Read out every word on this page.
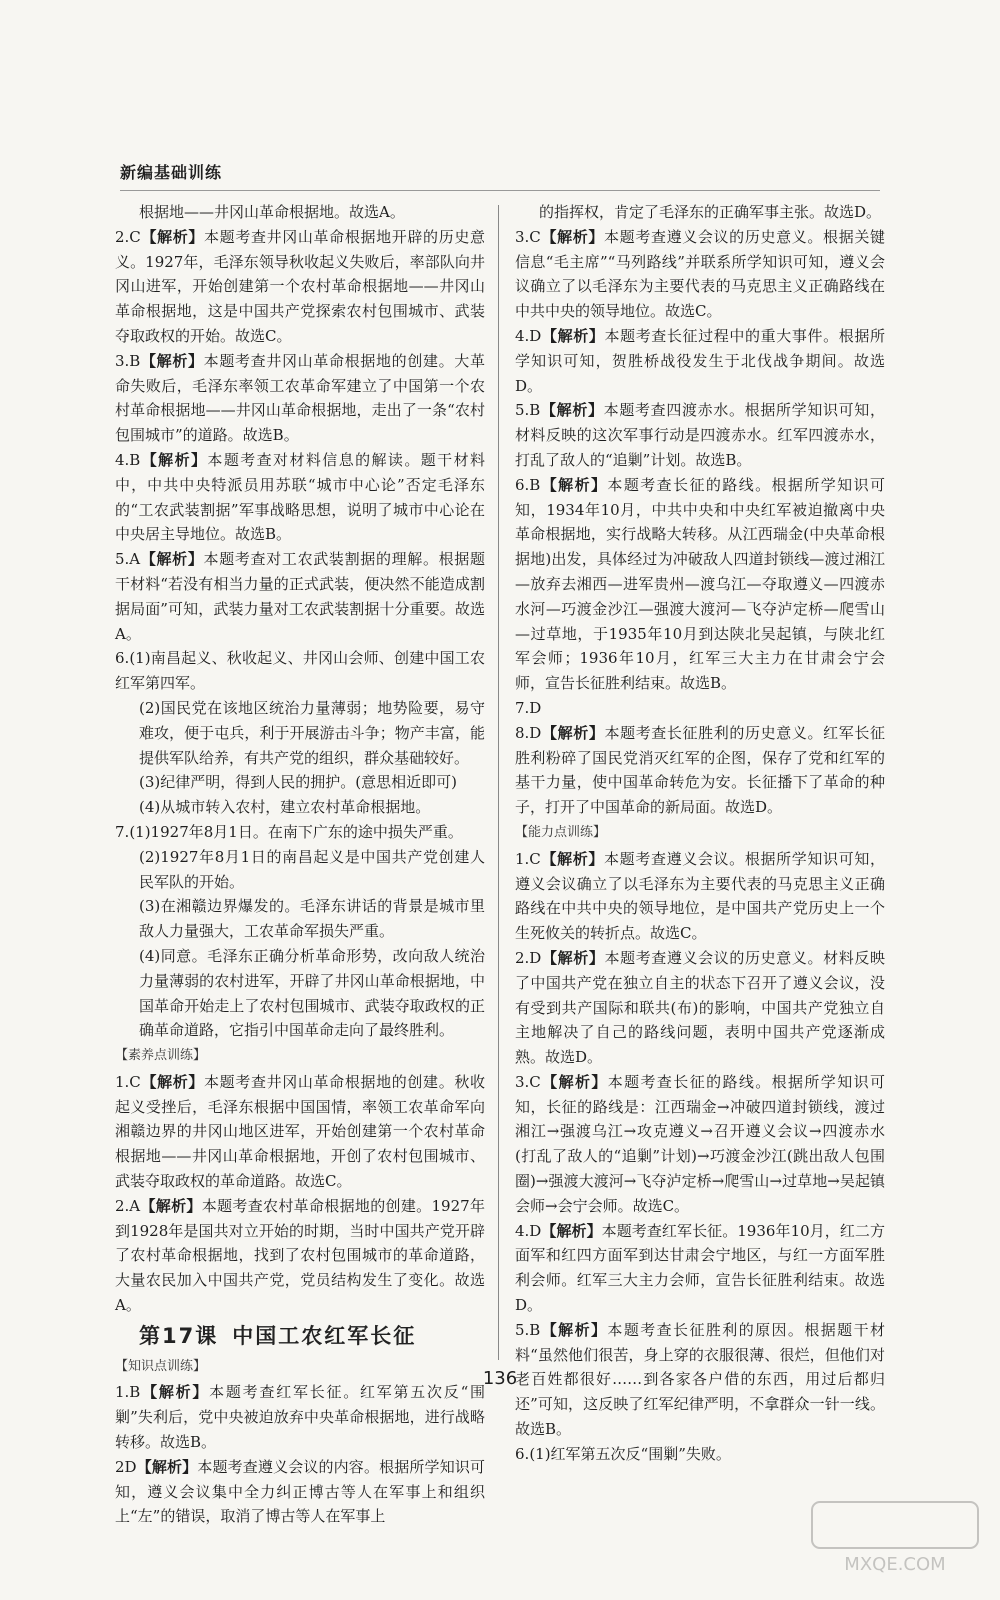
新编基础训练

根据地——井冈山革命根据地。故选A。

2.C【解析】本题考查井冈山革命根据地开辟的历史意义。1927年，毛泽东领导秋收起义失败后，率部队向井冈山进军，开始创建第一个农村革命根据地——井冈山革命根据地，这是中国共产党探索农村包围城市、武装夺取政权的开始。故选C。

3.B【解析】本题考查井冈山革命根据地的创建。大革命失败后，毛泽东率领工农革命军建立了中国第一个农村革命根据地——井冈山革命根据地，走出了一条“农村包围城市”的道路。故选B。

4.B【解析】本题考查对材料信息的解读。题干材料中，中共中央特派员用苏联“城市中心论”否定毛泽东的“工农武装割据”军事战略思想，说明了城市中心论在中央居主导地位。故选B。

5.A【解析】本题考查对工农武装割据的理解。根据题干材料“若没有相当力量的正式武装，便决然不能造成割据局面”可知，武装力量对工农武装割据十分重要。故选A。

6.(1)南昌起义、秋收起义、井冈山会师、创建中国工农红军第四军。

(2)国民党在该地区统治力量薄弱；地势险要，易守难攻，便于屯兵，利于开展游击斗争；物产丰富，能提供军队给养，有共产党的组织，群众基础较好。

(3)纪律严明，得到人民的拥护。(意思相近即可)

(4)从城市转入农村，建立农村革命根据地。

7.(1)1927年8月1日。在南下广东的途中损失严重。

(2)1927年8月1日的南昌起义是中国共产党创建人民军队的开始。

(3)在湘赣边界爆发的。毛泽东讲话的背景是城市里敌人力量强大，工农革命军损失严重。

(4)同意。毛泽东正确分析革命形势，改向敌人统治力量薄弱的农村进军，开辟了井冈山革命根据地，中国革命开始走上了农村包围城市、武装夺取政权的正确革命道路，它指引中国革命走向了最终胜利。

【素养点训练】

1.C【解析】本题考查井冈山革命根据地的创建。秋收起义受挫后，毛泽东根据中国国情，率领工农革命军向湘赣边界的井冈山地区进军，开始创建第一个农村革命根据地——井冈山革命根据地，开创了农村包围城市、武装夺取政权的革命道路。故选C。

2.A【解析】本题考查农村革命根据地的创建。1927年到1928年是国共对立开始的时期，当时中国共产党开辟了农村革命根据地，找到了农村包围城市的革命道路，大量农民加入中国共产党，党员结构发生了变化。故选A。

第17课 中国工农红军长征
【知识点训练】

1.B【解析】本题考查红军长征。红军第五次反“围剿”失利后，党中央被迫放弃中央革命根据地，进行战略转移。故选B。

2D【解析】本题考查遵义会议的内容。根据所学知识可知，遵义会议集中全力纠正博古等人在军事上和组织上“左”的错误，取消了博古等人在军事上

的指挥权，肯定了毛泽东的正确军事主张。故选D。

3.C【解析】本题考查遵义会议的历史意义。根据关键信息“毛主席”“马列路线”并联系所学知识可知，遵义会议确立了以毛泽东为主要代表的马克思主义正确路线在中共中央的领导地位。故选C。

4.D【解析】本题考查长征过程中的重大事件。根据所学知识可知，贺胜桥战役发生于北伐战争期间。故选D。

5.B【解析】本题考查四渡赤水。根据所学知识可知，材料反映的这次军事行动是四渡赤水。红军四渡赤水，打乱了敌人的“追剿”计划。故选B。

6.B【解析】本题考查长征的路线。根据所学知识可知，1934年10月，中共中央和中央红军被迫撤离中央革命根据地，实行战略大转移。从江西瑞金(中央革命根据地)出发，具体经过为冲破敌人四道封锁线—渡过湘江—放弃去湘西—进军贵州—渡乌江—夺取遵义—四渡赤水河—巧渡金沙江—强渡大渡河—飞夺泸定桥—爬雪山—过草地，于1935年10月到达陕北吴起镇，与陕北红军会师；1936年10月，红军三大主力在甘肃会宁会师，宣告长征胜利结束。故选B。

7.D

8.D【解析】本题考查长征胜利的历史意义。红军长征胜利粉碎了国民党消灭红军的企图，保存了党和红军的基干力量，使中国革命转危为安。长征播下了革命的种子，打开了中国革命的新局面。故选D。

【能力点训练】

1.C【解析】本题考查遵义会议。根据所学知识可知，遵义会议确立了以毛泽东为主要代表的马克思主义正确路线在中共中央的领导地位，是中国共产党历史上一个生死攸关的转折点。故选C。

2.D【解析】本题考查遵义会议的历史意义。材料反映了中国共产党在独立自主的状态下召开了遵义会议，没有受到共产国际和联共(布)的影响，中国共产党独立自主地解决了自己的路线问题，表明中国共产党逐渐成熟。故选D。

3.C【解析】本题考查长征的路线。根据所学知识可知，长征的路线是：江西瑞金→冲破四道封锁线，渡过湘江→强渡乌江→攻克遵义→召开遵义会议→四渡赤水(打乱了敌人的“追剿”计划)→巧渡金沙江(跳出敌人包围圈)→强渡大渡河→飞夺泸定桥→爬雪山→过草地→吴起镇会师→会宁会师。故选C。

4.D【解析】本题考查红军长征。1936年10月，红二方面军和红四方面军到达甘肃会宁地区，与红一方面军胜利会师。红军三大主力会师，宣告长征胜利结束。故选D。

5.B【解析】本题考查长征胜利的原因。根据题干材料“虽然他们很苦，身上穿的衣服很薄、很烂，但他们对老百姓都很好……到各家各户借的东西，用过后都归还”可知，这反映了红军纪律严明，不拿群众一针一线。故选B。

6.(1)红军第五次反“围剿”失败。

136
MXQE.COM
